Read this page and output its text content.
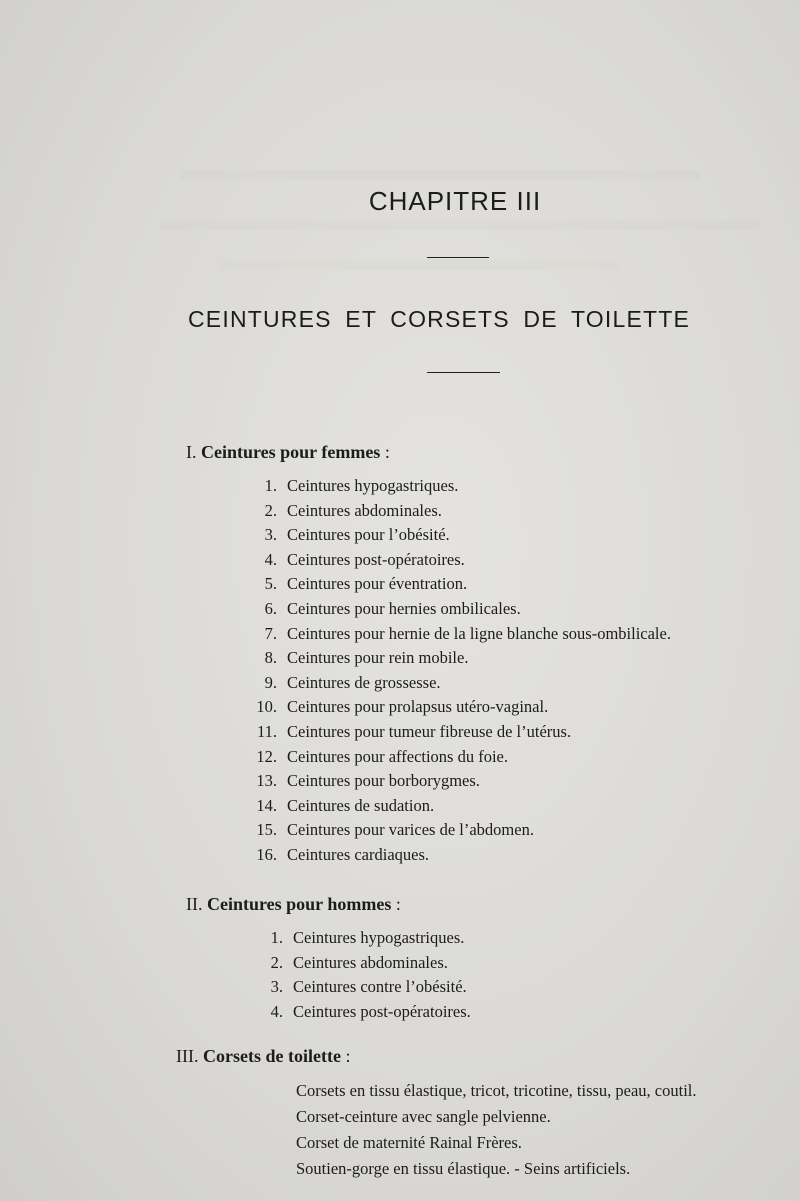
CHAPITRE III
CEINTURES ET CORSETS DE TOILETTE
I. Ceintures pour femmes :
1. Ceintures hypogastriques.
2. Ceintures abdominales.
3. Ceintures pour l’obésité.
4. Ceintures post-opératoires.
5. Ceintures pour éventration.
6. Ceintures pour hernies ombilicales.
7. Ceintures pour hernie de la ligne blanche sous-ombilicale.
8. Ceintures pour rein mobile.
9. Ceintures de grossesse.
10. Ceintures pour prolapsus utéro-vaginal.
11. Ceintures pour tumeur fibreuse de l’utérus.
12. Ceintures pour affections du foie.
13. Ceintures pour borborygmes.
14. Ceintures de sudation.
15. Ceintures pour varices de l’abdomen.
16. Ceintures cardiaques.
II. Ceintures pour hommes :
1. Ceintures hypogastriques.
2. Ceintures abdominales.
3. Ceintures contre l’obésité.
4. Ceintures post-opératoires.
III. Corsets de toilette :
Corsets en tissu élastique, tricot, tricotine, tissu, peau, coutil.
Corset-ceinture avec sangle pelvienne.
Corset de maternité Rainal Frères.
Soutien-gorge en tissu élastique. - Seins artificiels.
